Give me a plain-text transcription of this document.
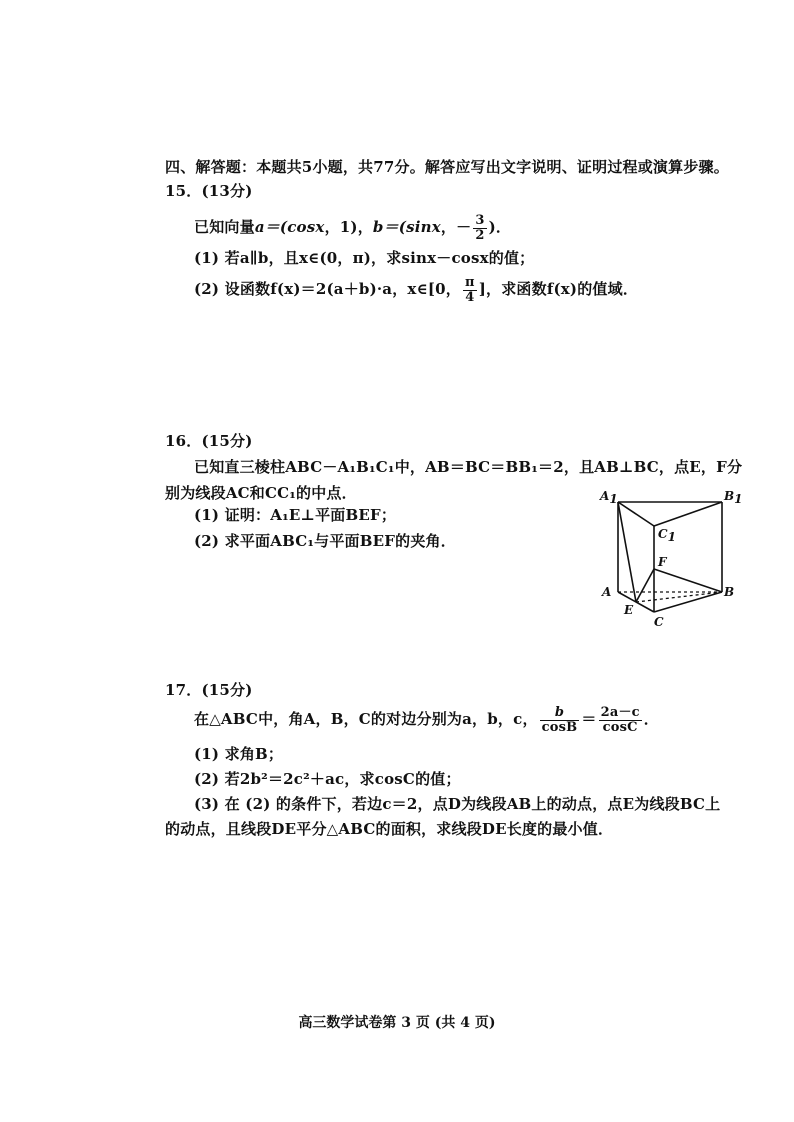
四、解答题：本题共5小题，共77分。解答应写出文字说明、证明过程或演算步骤。
15．(13分)
已知向量a＝(cosx，1)，b＝(sinx，－ $\frac{3}{2}$ )．
(1) 若a∥b，且x∈(0，π)，求sinx－cosx的值；
(2) 设函数f(x)＝2(a＋b)·a，x∈[0， $\frac{\pi}{4}$ ]，求函数f(x)的值域．
16．(15分)
已知直三棱柱ABC－A₁B₁C₁中，AB＝BC＝BB₁＝2，且AB⊥BC，点E，F分
别为线段AC和CC₁的中点．
(1) 证明：A₁E⊥平面BEF；
(2) 求平面ABC₁与平面BEF的夹角．
A1	B1
C1
F
A	B
E
C
17．(15分)
在△ABC中，角A，B，C的对边分别为a，b，c， $\frac{b}{\cos B} = \frac{2a-c}{\cos C}$ ．
(1) 求角B；
(2) 若2b²＝2c²＋ac，求cosC的值；
(3) 在 (2) 的条件下，若边c＝2，点D为线段AB上的动点，点E为线段BC上
的动点，且线段DE平分△ABC的面积，求线段DE长度的最小值．
高三数学试卷第 3 页 (共 4 页)
